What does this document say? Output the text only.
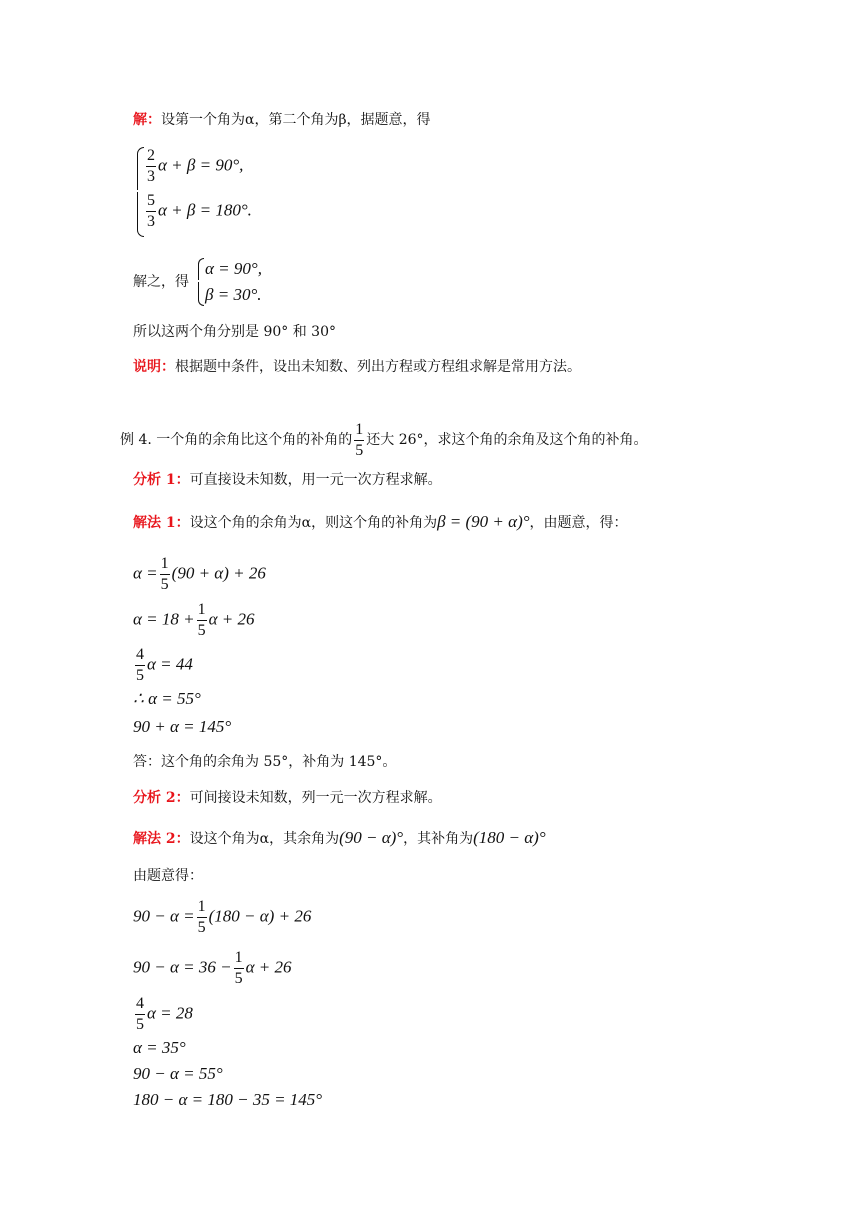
解：设第一个角为α，第二个角为β，据题意，得
$\frac{2}{3}$ α + β = 90°,
$\frac{5}{3}$ α + β = 180°.
解之，得
α = 90°,
β = 30°.
所以这两个角分别是 90° 和 30°
说明：根据题中条件，设出未知数、列出方程或方程组求解是常用方法。
例 4. 一个角的余角比这个角的补角的 $\frac{1}{5}$ 还大 26°，求这个角的余角及这个角的补角。
分析 1：可直接设未知数，用一元一次方程求解。
解法 1：设这个角的余角为α，则这个角的补角为β = (90 + α)°，由题意，得：
$\alpha = \frac{1}{5} (90 + \alpha) + 26$
$\alpha = 18 + \frac{1}{5}$ α + 26
$\frac{4}{5}$ α = 44
∴ α = 55°
90 + α = 145°
答：这个角的余角为 55°，补角为 145°。
分析 2：可间接设未知数，列一元一次方程求解。
解法 2：设这个角为α，其余角为(90 − α)°，其补角为(180 − α)°
由题意得：
$90 - \alpha = \frac{1}{5} (180 - \alpha) + 26$
$90 - \alpha = 36 - \frac{1}{5}$ α + 26
$\frac{4}{5}$ α = 28
α = 35°
90 − α = 55°
180 − α = 180 − 35 = 145°
